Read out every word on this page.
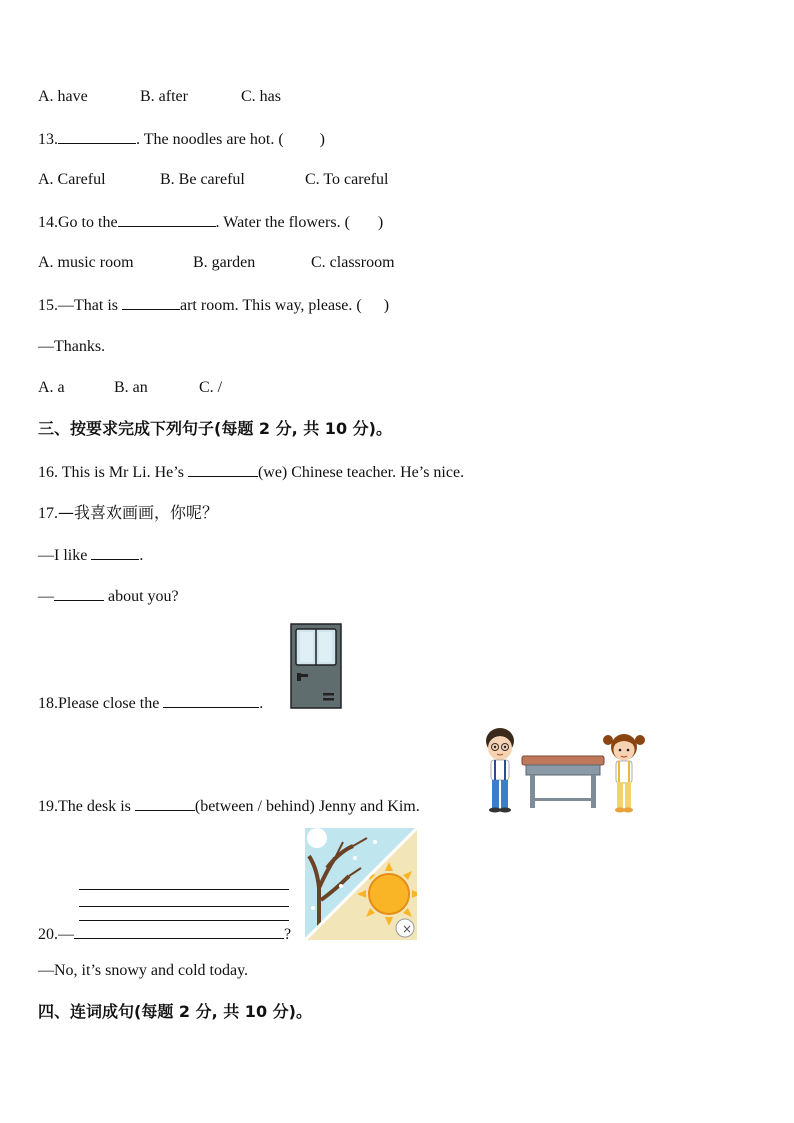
A. have	B. after	C. has
13.	. The noodles are hot. ( )
A. Careful	B. Be careful	C. To careful
14.Go to the	. Water the flowers. ( )
A. music room	B. garden	C. classroom
15.—That is	art room. This way, please. ( )
—Thanks.
A. a	B. an	C. /
三、按要求完成下列句子(每题 2 分, 共 10 分)。
16. This is Mr Li. He’s	(we) Chinese teacher. He’s nice.
17.—我喜欢画画，你呢？
—I like	.
—	about you?
18.Please close the	.
19.The desk is	(between / behind) Jenny and Kim.
20.—	?	×
—No, it’s snowy and cold today.
四、连词成句(每题 2 分, 共 10 分)。
